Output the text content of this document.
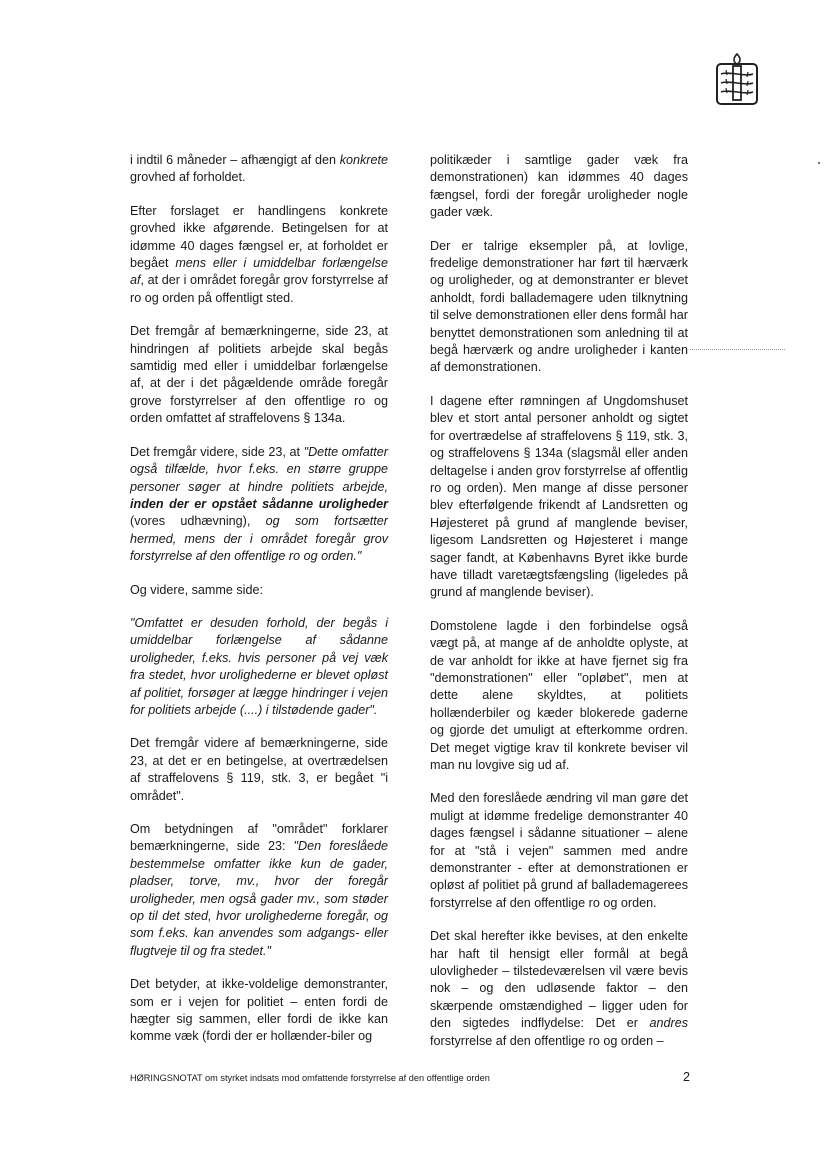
i indtil 6 måneder – afhængigt af den konkrete grovhed af forholdet.

Efter forslaget er handlingens konkrete grovhed ikke afgørende. Betingelsen for at idømme 40 dages fængsel er, at forholdet er begået mens eller i umiddelbar forlængelse af, at der i området foregår grov forstyrrelse af ro og orden på offentligt sted.

Det fremgår af bemærkningerne, side 23, at hindringen af politiets arbejde skal begås samtidig med eller i umiddelbar forlængelse af, at der i det pågældende område foregår grove forstyrrelser af den offentlige ro og orden omfattet af straffelovens § 134a.

Det fremgår videre, side 23, at "Dette omfatter også tilfælde, hvor f.eks. en større gruppe personer søger at hindre politiets arbejde, inden der er opstået sådanne uroligheder (vores udhævning), og som fortsætter hermed, mens der i området foregår grov forstyrrelse af den offentlige ro og orden."

Og videre, samme side:

"Omfattet er desuden forhold, der begås i umiddelbar forlængelse af sådanne uroligheder, f.eks. hvis personer på vej væk fra stedet, hvor urolighederne er blevet opløst af politiet, forsøger at lægge hindringer i vejen for politiets arbejde (....) i tilstødende gader".

Det fremgår videre af bemærkningerne, side 23, at det er en betingelse, at overtrædelsen af straffelovens § 119, stk. 3, er begået "i området".

Om betydningen af "området" forklarer bemærkningerne, side 23: "Den foreslåede bestemmelse omfatter ikke kun de gader, pladser, torve, mv., hvor der foregår uroligheder, men også gader mv., som støder op til det sted, hvor urolighederne foregår, og som f.eks. kan anvendes som adgangs- eller flugtveje til og fra stedet."

Det betyder, at ikke-voldelige demonstranter, som er i vejen for politiet – enten fordi de hægter sig sammen, eller fordi de ikke kan komme væk (fordi der er hollænder-biler og

politikæder i samtlige gader væk fra demonstrationen) kan idømmes 40 dages fængsel, fordi der foregår uroligheder nogle gader væk.

Der er talrige eksempler på, at lovlige, fredelige demonstrationer har ført til hærværk og uroligheder, og at demonstranter er blevet anholdt, fordi ballademagere uden tilknytning til selve demonstrationen eller dens formål har benyttet demonstrationen som anledning til at begå hærværk og andre uroligheder i kanten af demonstrationen.

I dagene efter rømningen af Ungdomshuset blev et stort antal personer anholdt og sigtet for overtrædelse af straffelovens § 119, stk. 3, og straffelovens § 134a (slagsmål eller anden deltagelse i anden grov forstyrrelse af offentlig ro og orden). Men mange af disse personer blev efterfølgende frikendt af Landsretten og Højesteret på grund af manglende beviser, ligesom Landsretten og Højesteret i mange sager fandt, at Københavns Byret ikke burde have tilladt varetægtsfængsling (ligeledes på grund af manglende beviser).

Domstolene lagde i den forbindelse også vægt på, at mange af de anholdte oplyste, at de var anholdt for ikke at have fjernet sig fra "demonstrationen" eller "opløbet", men at dette alene skyldtes, at politiets hollænderbiler og kæder blokerede gaderne og gjorde det umuligt at efterkomme ordren. Det meget vigtige krav til konkrete beviser vil man nu lovgive sig ud af.

Med den foreslåede ændring vil man gøre det muligt at idømme fredelige demonstranter 40 dages fængsel i sådanne situationer – alene for at "stå i vejen" sammen med andre demonstranter - efter at demonstrationen er opløst af politiet på grund af ballademagerees forstyrrelse af den offentlige ro og orden.

Det skal herefter ikke bevises, at den enkelte har haft til hensigt eller formål at begå ulovligheder – tilstedeværelsen vil være bevis nok – og den udløsende faktor – den skærpende omstændighed – ligger uden for den sigtedes indflydelse: Det er andres forstyrrelse af den offentlige ro og orden –

HØRINGSNOTAT om styrket indsats mod omfattende forstyrrelse af den offentlige orden	2
